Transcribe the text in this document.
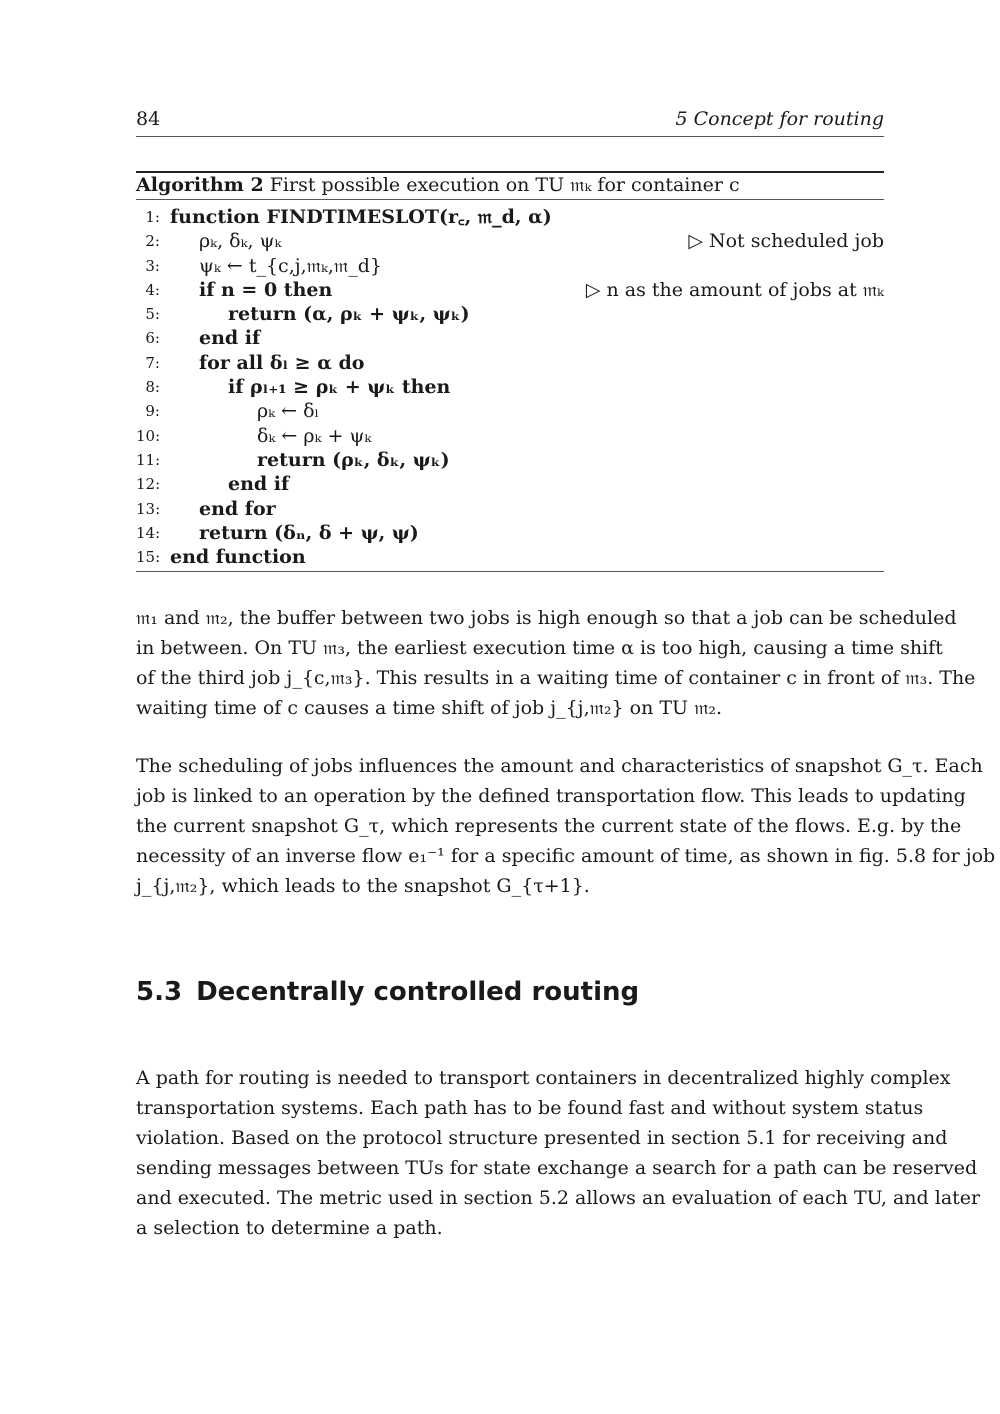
84	5 Concept for routing
Algorithm 2 First possible execution on TU 𝔪ₖ for container c
1: function FINDTIMESLOT(r꜀, 𝔪_d, α)
2: ρₖ, δₖ, ψₖ	▷ Not scheduled job
3: ψₖ ← t_{c,j,𝔪ₖ,𝔪_d}
4: if n = 0 then	▷ n as the amount of jobs at 𝔪ₖ
5:	return (α, ρₖ + ψₖ, ψₖ)
6: end if
7: for all δₗ ≥ α do
8:	if ρₗ₊₁ ≥ ρₖ + ψₖ then
9:	ρₖ ← δₗ
10:	δₖ ← ρₖ + ψₖ
11:	return (ρₖ, δₖ, ψₖ)
12:	end if
13: end for
14: return (δₙ, δ + ψ, ψ)
15: end function
𝔪₁ and 𝔪₂, the buffer between two jobs is high enough so that a job can be scheduled
in between. On TU 𝔪₃, the earliest execution time α is too high, causing a time shift
of the third job j_{c,𝔪₃}. This results in a waiting time of container c in front of 𝔪₃. The
waiting time of c causes a time shift of job j_{j,𝔪₂} on TU 𝔪₂.
The scheduling of jobs influences the amount and characteristics of snapshot G_τ. Each
job is linked to an operation by the defined transportation flow. This leads to updating
the current snapshot G_τ, which represents the current state of the flows. E.g. by the
necessity of an inverse flow e₁⁻¹ for a specific amount of time, as shown in fig. 5.8 for job
j_{j,𝔪₂}, which leads to the snapshot G_{τ+1}.
5.3 Decentrally controlled routing
A path for routing is needed to transport containers in decentralized highly complex
transportation systems. Each path has to be found fast and without system status
violation. Based on the protocol structure presented in section 5.1 for receiving and
sending messages between TUs for state exchange a search for a path can be reserved
and executed. The metric used in section 5.2 allows an evaluation of each TU, and later
a selection to determine a path.
